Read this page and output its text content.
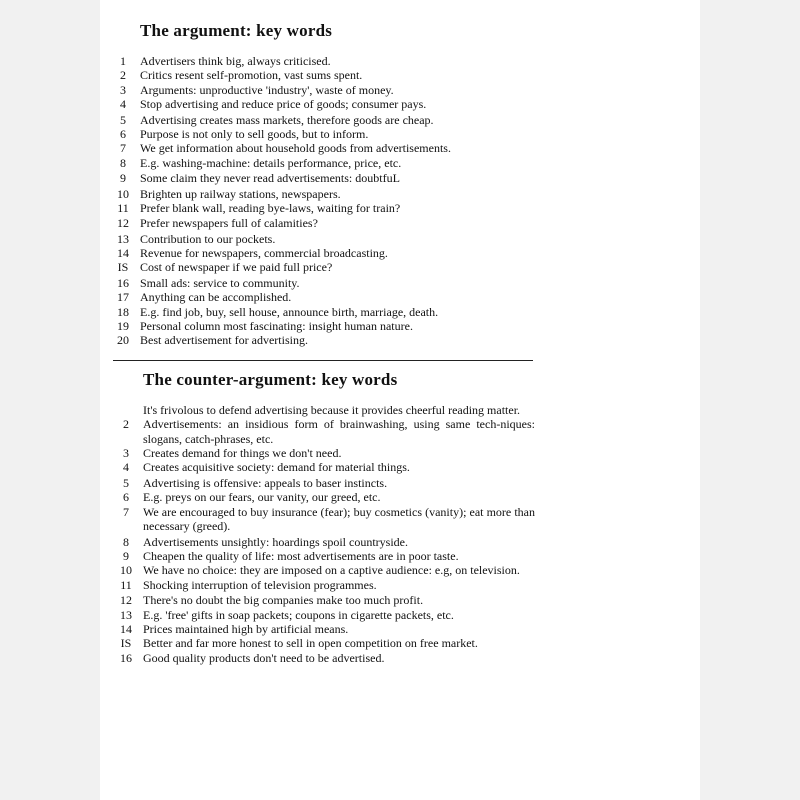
The argument: key words
1	Advertisers think big, always criticised.
2	Critics resent self-promotion, vast sums spent.
3	Arguments: unproductive 'industry', waste of money.
4	Stop advertising and reduce price of goods; consumer pays.
5	Advertising creates mass markets, therefore goods are cheap.
6	Purpose is not only to sell goods, but to inform.
7	We get information about household goods from advertisements.
8	E.g. washing-machine: details performance, price, etc.
9	Some claim they never read advertisements: doubtfuL
10 Brighten up railway stations, newspapers.
11 Prefer blank wall, reading bye-laws, waiting for train?
12 Prefer newspapers full of calamities?
13 Contribution to our pockets.
14 Revenue for newspapers, commercial broadcasting.
IS Cost of newspaper if we paid full price?
16 Small ads: service to community.
17 Anything can be accomplished.
18 E.g. find job, buy, sell house, announce birth, marriage, death.
19 Personal column most fascinating: insight human nature.
20 Best advertisement for advertising.
The counter-argument: key words
It's frivolous to defend advertising because it provides cheerful reading matter.
2	Advertisements: an insidious form of brainwashing, using same tech-niques: slogans, catch-phrases, etc.
3	Creates demand for things we don't need.
4	Creates acquisitive society: demand for material things.
5	Advertising is offensive: appeals to baser instincts.
6	E.g. preys on our fears, our vanity, our greed, etc.
7	We are encouraged to buy insurance (fear); buy cosmetics (vanity); eat more than necessary (greed).
8	Advertisements unsightly: hoardings spoil countryside.
9	Cheapen the quality of life: most advertisements are in poor taste.
10 We have no choice: they are imposed on a captive audience: e.g, on television.
11 Shocking interruption of television programmes.
12 There's no doubt the big companies make too much profit.
13 E.g. 'free' gifts in soap packets; coupons in cigarette packets, etc.
14 Prices maintained high by artificial means.
IS Better and far more honest to sell in open competition on free market.
16 Good quality products don't need to be advertised.
